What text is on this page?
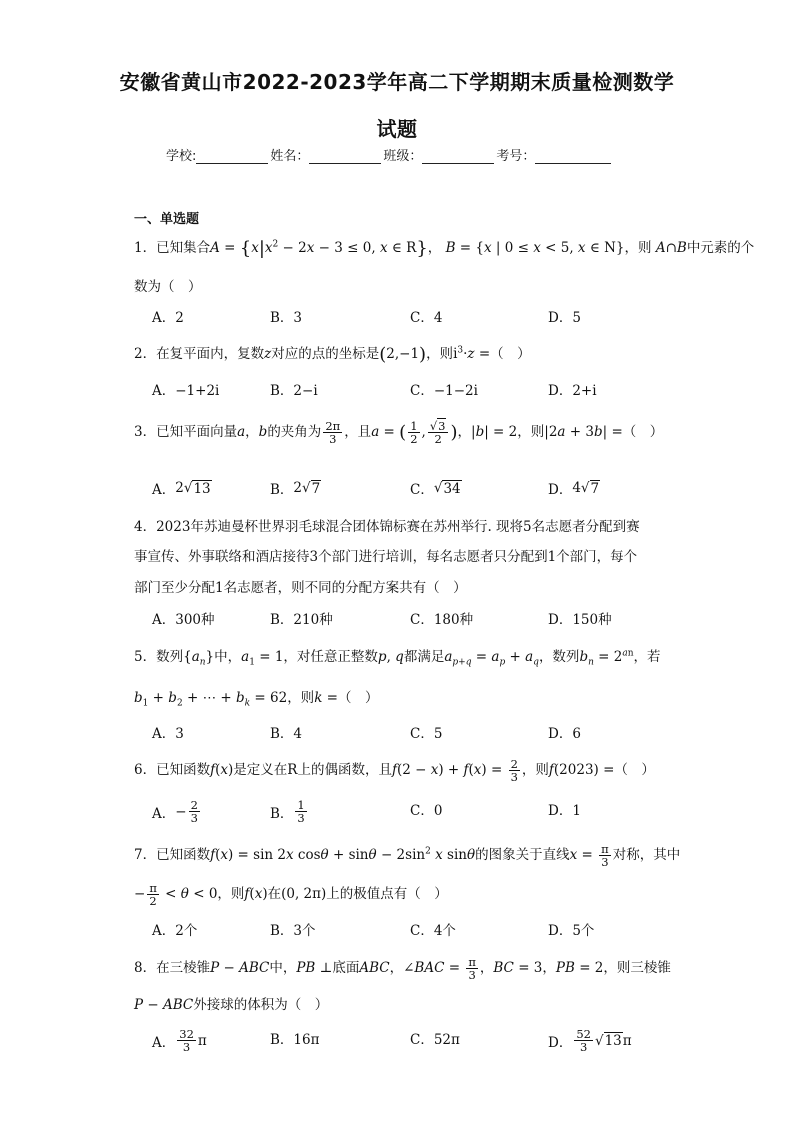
安徽省黄山市2022-2023学年高二下学期期末质量检测数学
试题
学校:	姓名：	班级：	考号：
一、单选题
1．已知集合$A = \{x|x^2 - 2x - 3 \le 0$, x ∈ R}， B = {x | 0 ≤ x < 5, x ∈ N}，则 A∩B中元素的个
数为（　）
A．2	B．3	C．4	D．5
2．在复平面内，复数z对应的点的坐标是(2,−1)，则$i^3\cdot z$ =（　）
A．−1+2i	B．2−i	C．−1−2i	D．2+i
3．已知平面向量a，b的夹角为 $\frac{2\pi}{3}$ ，且a = ( $\frac{1}{2}$ , $\frac{√3}{2}$ )，|b| = 2，则|2a + 3b| =（　）
A． 2√ 13	B． 2√ 7	C． √ 34	D． 4√ 7
4．2023年苏迪曼杯世界羽毛球混合团体锦标赛在苏州举行. 现将5名志愿者分配到赛
事宣传、外事联络和酒店接待3个部门进行培训，每名志愿者只分配到1个部门，每个
部门至少分配1名志愿者，则不同的分配方案共有（　）
A．300种	B．210种	C．180种	D．150种
5．数列$\{a_n\}$中，$a_1 = 1$，对任意正整数p, q都满足$a_{p+q} = a_p + a_q$，数列$b_n = 2^{an}$，若
$b_1 + b_2$ + ⋯ + $b_k = 62$，则k =（　）
A．3	B．4	C．5	D．6
6．已知函数f(x)是定义在R上的偶函数，且$f(2 - x) + f(x) = \frac{2}{3}$ ，则f(2023) =（　）
A． − $\frac{2}{3}$	B． $\frac{1}{3}$	C．0	D．1
7．已知函数f(x) = sin 2x $\cos\theta + \sin\theta - 2\sin^2$ x sinθ的图象关于直线$x = \frac{\pi}{3}$ 对称，其中
− $\frac{\pi}{2} < \theta < 0$，则f(x)在(0, 2π)上的极值点有（　）
A．2个	B．3个	C．4个	D．5个
8．在三棱锥P − ABC中，PB ⊥底面ABC，∠BAC = $\frac{\pi}{3}$ ，BC = 3，PB = 2，则三棱锥
P − ABC外接球的体积为（　）
A． $\frac{32}{3}$ π	B．16π	C．52π	D． $\frac{52}{3}$ √ 13 π
